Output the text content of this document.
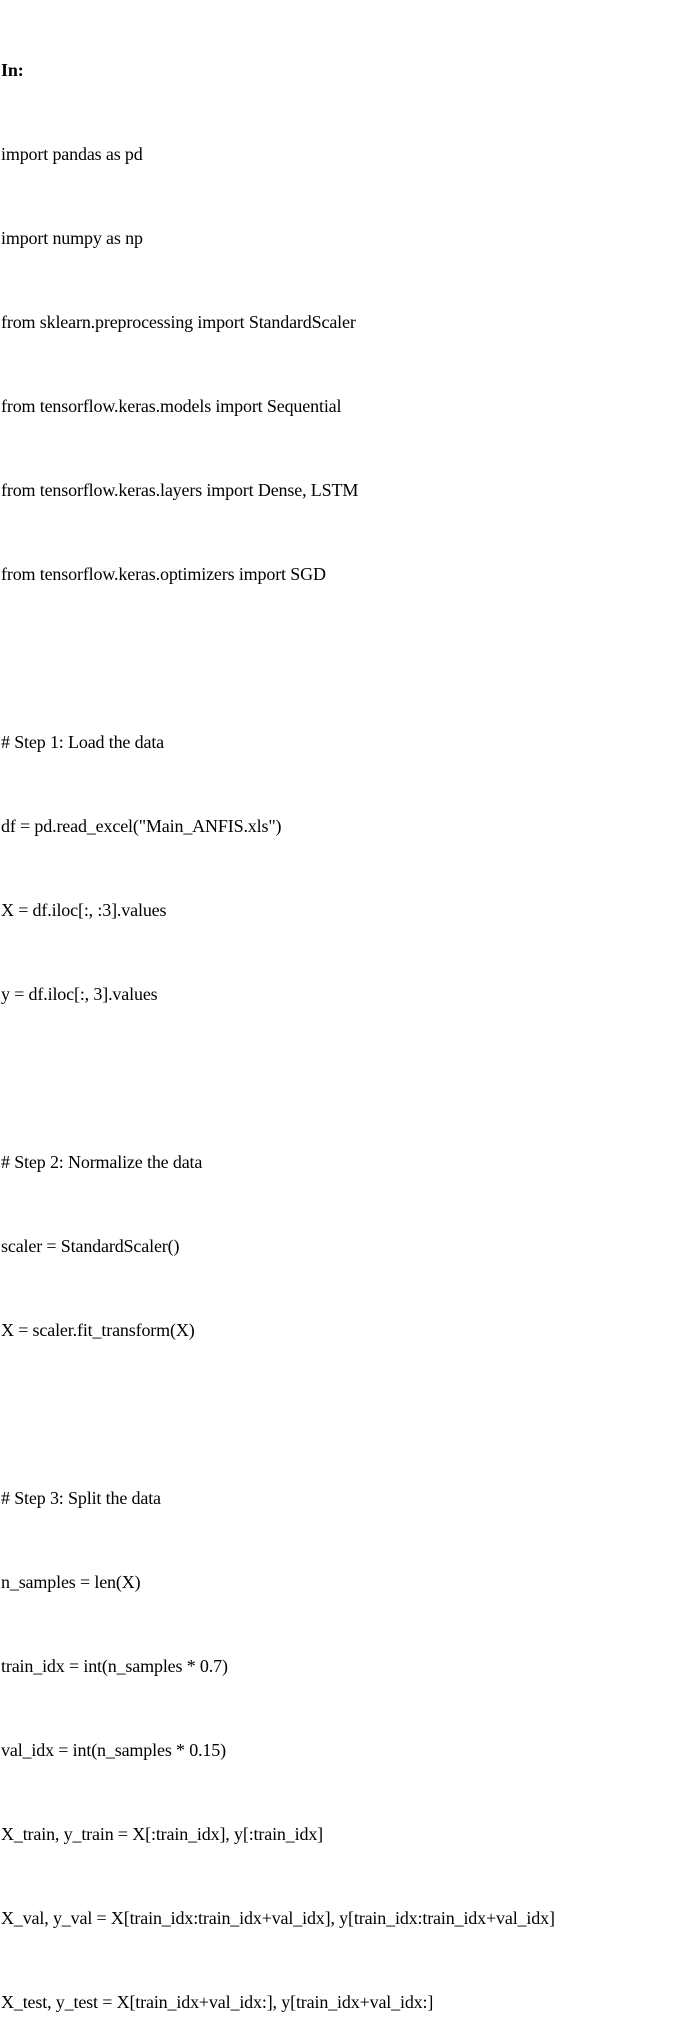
In:

import pandas as pd

import numpy as np

from sklearn.preprocessing import StandardScaler

from tensorflow.keras.models import Sequential

from tensorflow.keras.layers import Dense, LSTM

from tensorflow.keras.optimizers import SGD

# Step 1: Load the data

df = pd.read_excel("Main_ANFIS.xls")

X = df.iloc[:, :3].values

y = df.iloc[:, 3].values

# Step 2: Normalize the data

scaler = StandardScaler()

X = scaler.fit_transform(X)

# Step 3: Split the data

n_samples = len(X)

train_idx = int(n_samples * 0.7)

val_idx = int(n_samples * 0.15)

X_train, y_train = X[:train_idx], y[:train_idx]

X_val, y_val = X[train_idx:train_idx+val_idx], y[train_idx:train_idx+val_idx]

X_test, y_test = X[train_idx+val_idx:], y[train_idx+val_idx:]
